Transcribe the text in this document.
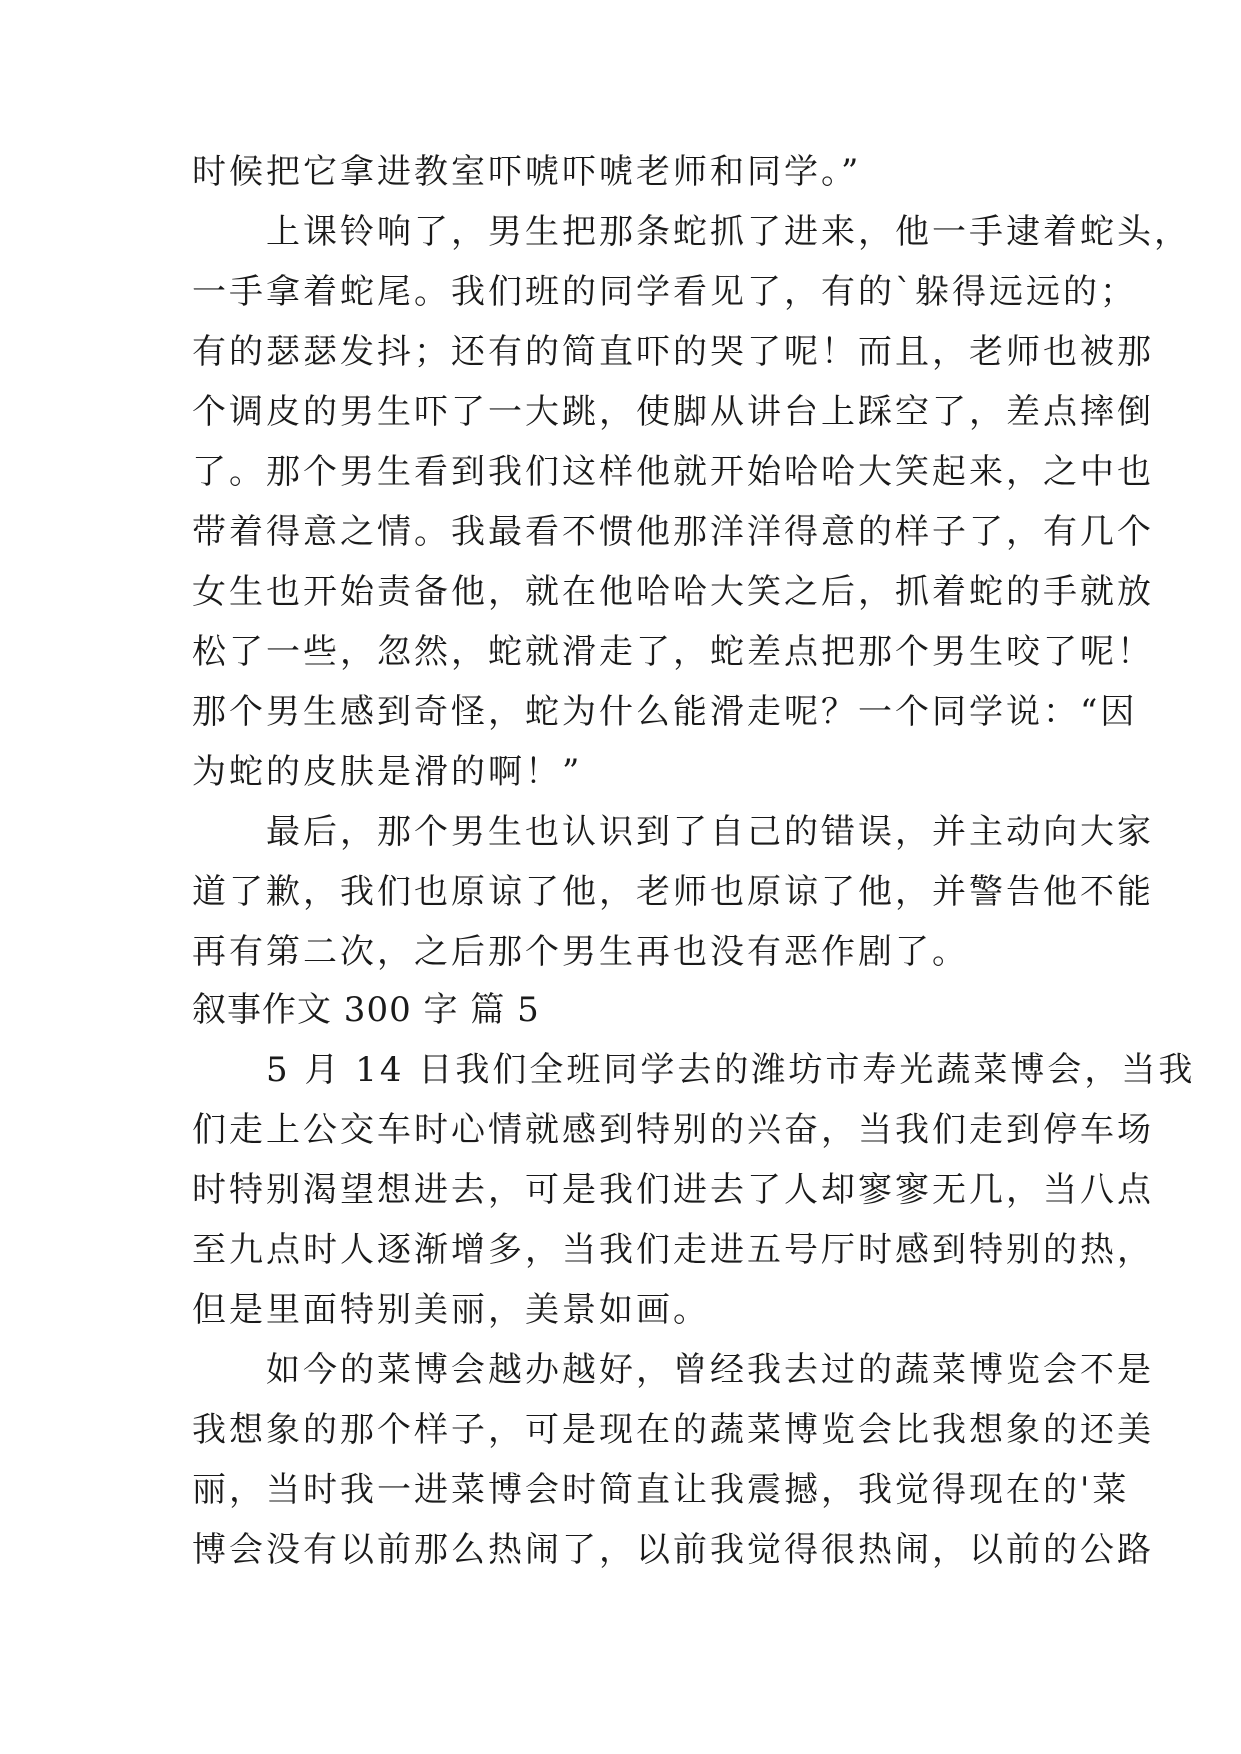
时候把它拿进教室吓唬吓唬老师和同学。”
　　上课铃响了，男生把那条蛇抓了进来，他一手逮着蛇头，
一手拿着蛇尾。我们班的同学看见了，有的`躲得远远的；
有的瑟瑟发抖；还有的简直吓的哭了呢！而且，老师也被那
个调皮的男生吓了一大跳，使脚从讲台上踩空了，差点摔倒
了。那个男生看到我们这样他就开始哈哈大笑起来，之中也
带着得意之情。我最看不惯他那洋洋得意的样子了，有几个
女生也开始责备他，就在他哈哈大笑之后，抓着蛇的手就放
松了一些，忽然，蛇就滑走了，蛇差点把那个男生咬了呢！
那个男生感到奇怪，蛇为什么能滑走呢？一个同学说：“因
为蛇的皮肤是滑的啊！”
　　最后，那个男生也认识到了自己的错误，并主动向大家
道了歉，我们也原谅了他，老师也原谅了他，并警告他不能
再有第二次，之后那个男生再也没有恶作剧了。
叙事作文 300 字 篇 5
　　5 月 14 日我们全班同学去的潍坊市寿光蔬菜博会，当我
们走上公交车时心情就感到特别的兴奋，当我们走到停车场
时特别渴望想进去，可是我们进去了人却寥寥无几，当八点
至九点时人逐渐增多，当我们走进五号厅时感到特别的热，
但是里面特别美丽，美景如画。
　　如今的菜博会越办越好，曾经我去过的蔬菜博览会不是
我想象的那个样子，可是现在的蔬菜博览会比我想象的还美
丽，当时我一进菜博会时简直让我震撼，我觉得现在的'菜
博会没有以前那么热闹了，以前我觉得很热闹，以前的公路
